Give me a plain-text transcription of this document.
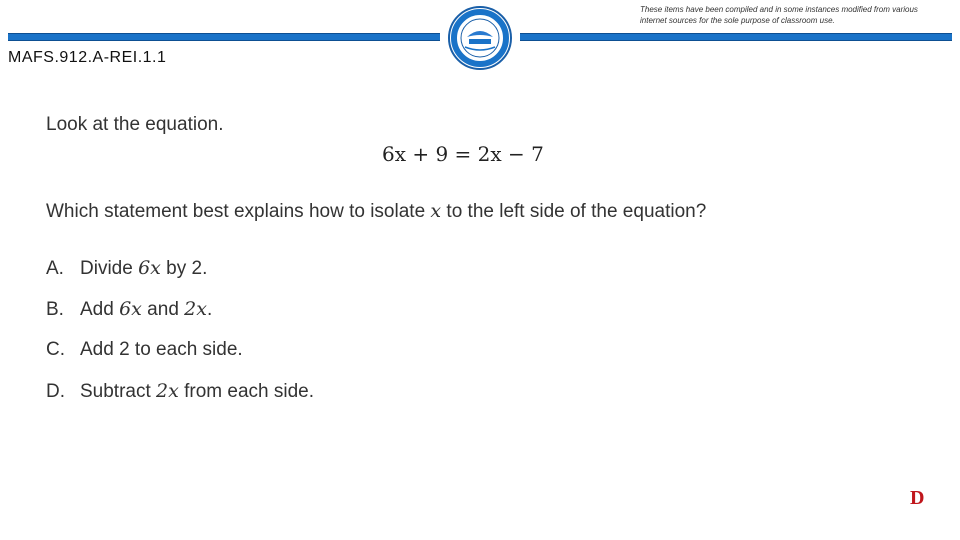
These items have been compiled and in some instances modified from various internet sources for the sole purpose of classroom use.
MAFS.912.A-REI.1.1
Look at the equation.
6x + 9 = 2x − 7
Which statement best explains how to isolate x to the left side of the equation?
A. Divide 6x by 2.
B. Add 6x and 2x.
C. Add 2 to each side.
D. Subtract 2x from each side.
D
